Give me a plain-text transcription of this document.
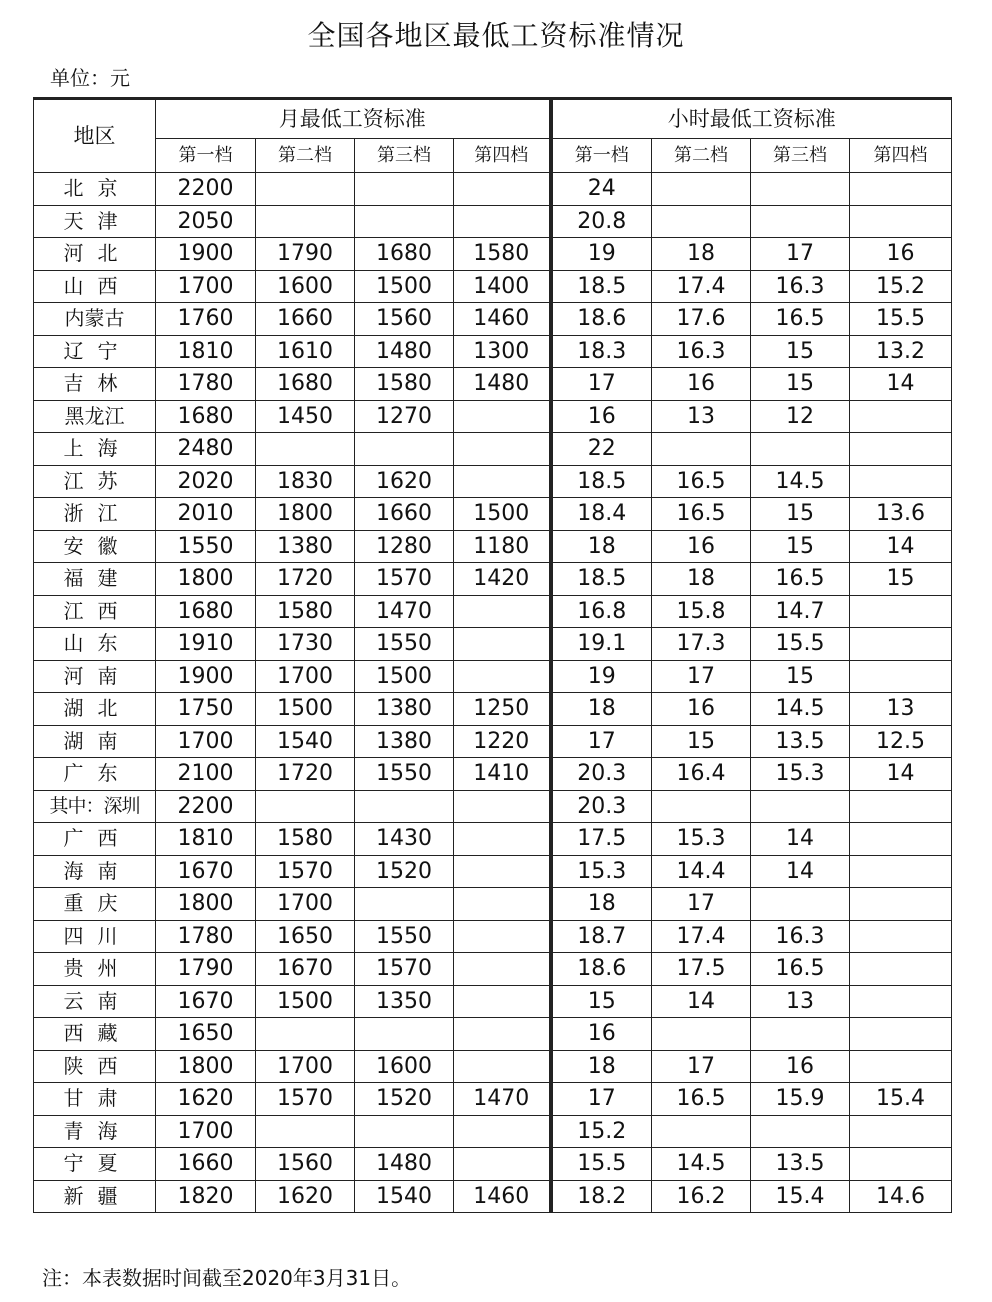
全国各地区最低工资标准情况
单位：元
地区	月最低工资标准				小时最低工资标准			
	第一档	第二档	第三档	第四档	第一档	第二档	第三档	第四档
北京	2200				24			
天津	2050				20.8			
河北	1900	1790	1680	1580	19	18	17	16
山西	1700	1600	1500	1400	18.5	17.4	16.3	15.2
内蒙古	1760	1660	1560	1460	18.6	17.6	16.5	15.5
辽宁	1810	1610	1480	1300	18.3	16.3	15	13.2
吉林	1780	1680	1580	1480	17	16	15	14
黑龙江	1680	1450	1270		16	13	12	
上海	2480				22			
江苏	2020	1830	1620		18.5	16.5	14.5	
浙江	2010	1800	1660	1500	18.4	16.5	15	13.6
安徽	1550	1380	1280	1180	18	16	15	14
福建	1800	1720	1570	1420	18.5	18	16.5	15
江西	1680	1580	1470		16.8	15.8	14.7	
山东	1910	1730	1550		19.1	17.3	15.5	
河南	1900	1700	1500		19	17	15	
湖北	1750	1500	1380	1250	18	16	14.5	13
湖南	1700	1540	1380	1220	17	15	13.5	12.5
广东	2100	1720	1550	1410	20.3	16.4	15.3	14
其中：深圳	2200				20.3			
广西	1810	1580	1430		17.5	15.3	14	
海南	1670	1570	1520		15.3	14.4	14	
重庆	1800	1700			18	17		
四川	1780	1650	1550		18.7	17.4	16.3	
贵州	1790	1670	1570		18.6	17.5	16.5	
云南	1670	1500	1350		15	14	13	
西藏	1650				16			
陕西	1800	1700	1600		18	17	16	
甘肃	1620	1570	1520	1470	17	16.5	15.9	15.4
青海	1700				15.2			
宁夏	1660	1560	1480		15.5	14.5	13.5	
新疆	1820	1620	1540	1460	18.2	16.2	15.4	14.6
注：本表数据时间截至2020年3月31日。
